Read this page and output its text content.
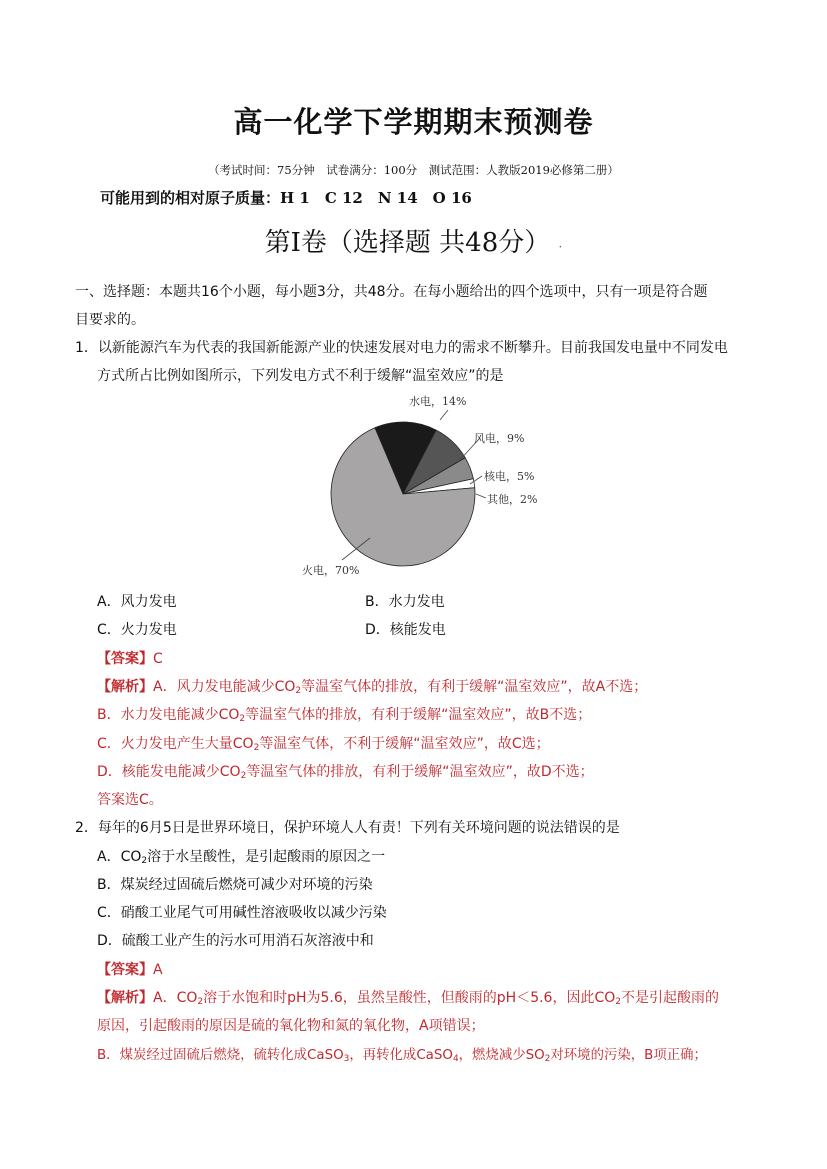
高一化学下学期期末预测卷
（考试时间：75分钟　试卷满分：100分　测试范围：人教版2019必修第二册）
可能用到的相对原子质量：H 1　C 12　N 14　O 16
第I卷（选择题 共48分） ·
一、选择题：本题共16个小题，每小题3分，共48分。在每小题给出的四个选项中，只有一项是符合题
目要求的。
1．以新能源汽车为代表的我国新能源产业的快速发展对电力的需求不断攀升。目前我国发电量中不同发电
方式所占比例如图所示，下列发电方式不利于缓解“温室效应”的是
水电，14%
风电，9%
核电，5%
其他，2%
火电，70%
A．风力发电	B．水力发电
C．火力发电	D．核能发电
【答案】C
【解析】A．风力发电能减少$CO_2$等温室气体的排放，有利于缓解“温室效应”，故A不选；
B．水力发电能减少$CO_2$等温室气体的排放，有利于缓解“温室效应”，故B不选；
C．火力发电产生大量$CO_2$等温室气体，不利于缓解“温室效应”，故C选；
D．核能发电能减少$CO_2$等温室气体的排放，有利于缓解“温室效应”，故D不选；
答案选C。
2．每年的6月5日是世界环境日，保护环境人人有责！下列有关环境问题的说法错误的是
A．$CO_2$溶于水呈酸性，是引起酸雨的原因之一
B．煤炭经过固硫后燃烧可减少对环境的污染
C．硝酸工业尾气可用碱性溶液吸收以减少污染
D．硫酸工业产生的污水可用消石灰溶液中和
【答案】A
【解析】A．$CO_2$溶于水饱和时pH为5.6，虽然呈酸性，但酸雨的pH＜5.6，因此$CO_2$不是引起酸雨的
原因，引起酸雨的原因是硫的氧化物和氮的氧化物，A项错误；
B．煤炭经过固硫后燃烧，硫转化成CaSO$_3$，再转化成CaSO$_4$，燃烧减少$SO_2$对环境的污染，B项正确；
